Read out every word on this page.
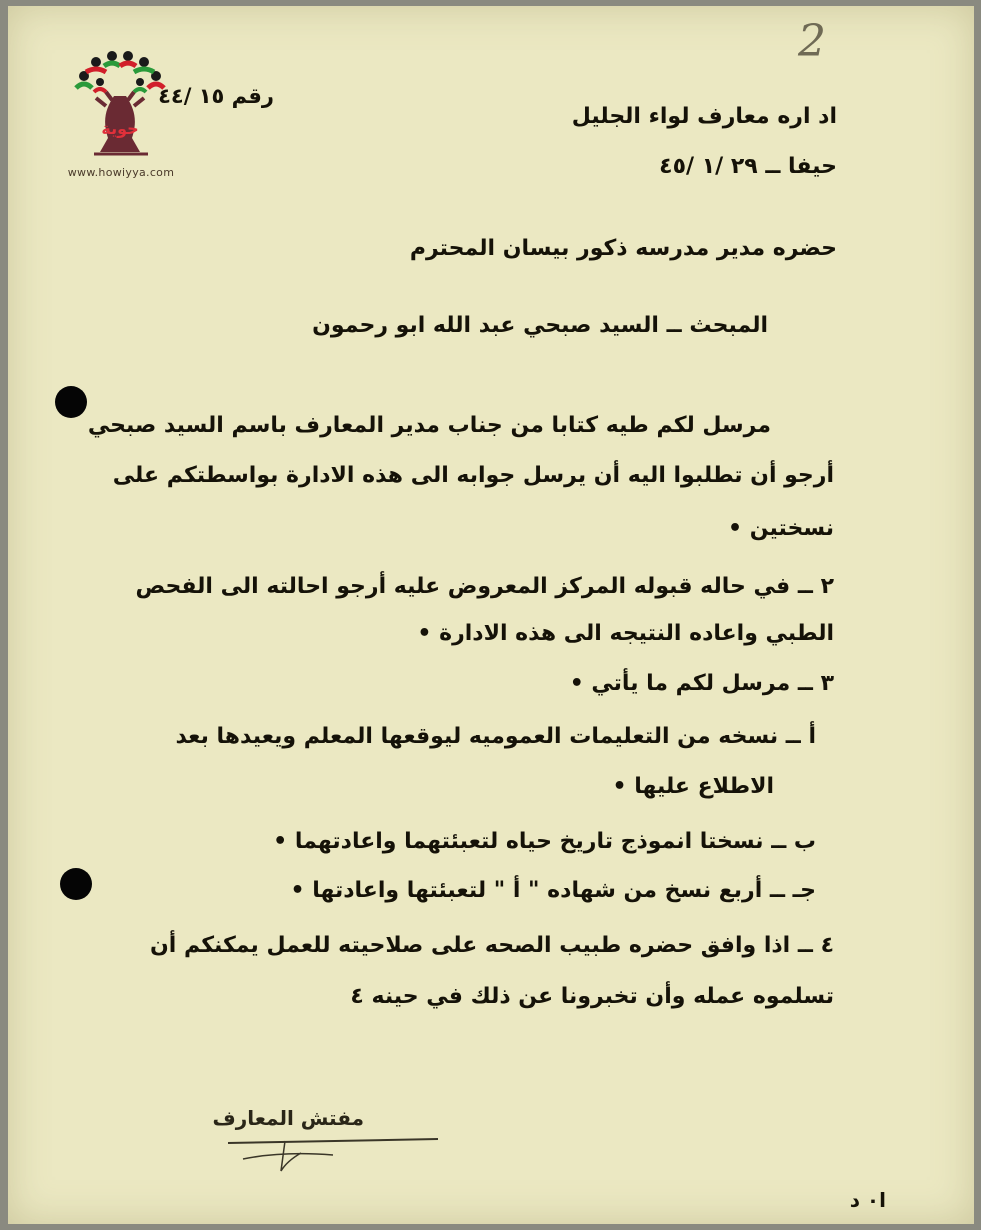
2
حوية
www.howiyya.com
رقم ١٥ /٤٤
اد اره معارف لواء الجليل
حيفا ــ ٢٩ /١ /٤٥
حضره مدير مدرسه ذكور بيسان المحترم
المبحث ــ السيد صبحي عبد الله ابو رحمون
مرسل لكم طيه كتابا من جناب مدير المعارف باسم السيد صبحي
أرجو أن تطلبوا اليه أن يرسل جوابه الى هذه الادارة بواسطتكم على
نسختين •
٢ ــ في حاله قبوله المركز المعروض عليه أرجو احالته الى الفحص
الطبي واعاده النتيجه الى هذه الادارة •
٣ ــ مرسل لكم ما يأتي •
أ ــ نسخه من التعليمات العموميه ليوقعها المعلم ويعيدها بعد
الاطلاع عليها •
ب ــ نسختا انموذج تاريخ حياه لتعبئتهما واعادتهما •
جـ ــ أربع نسخ من شهاده " أ " لتعبئتها واعادتها •
٤ ــ اذا وافق حضره طبيب الصحه على صلاحيته للعمل يمكنكم أن
تسلموه عمله وأن تخبرونا عن ذلك في حينه ٤
مفتش المعارف
ا٠ د
